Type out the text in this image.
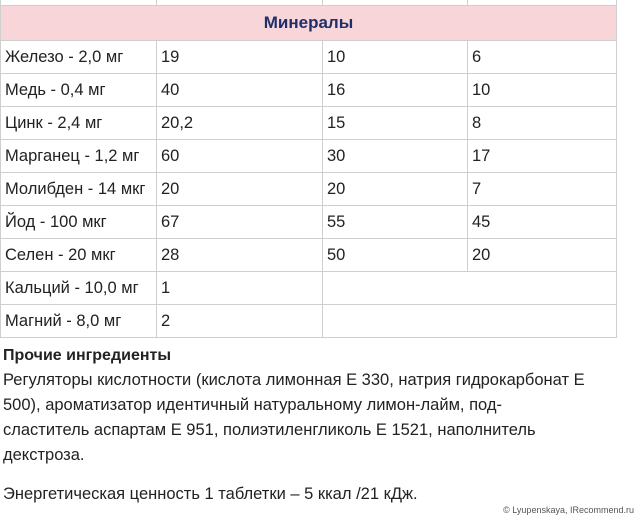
Минералы			
Железо - 2,0 мг	19	10	6
Медь - 0,4 мг	40	16	10
Цинк - 2,4 мг	20,2	15	8
Марганец - 1,2 мг	60	30	17
Молибден - 14 мкг	20	20	7
Йод - 100 мкг	67	55	45
Селен - 20 мкг	28	50	20
Кальций - 10,0 мг	1		
Магний - 8,0 мг	2		
Прочие ингредиенты
Регуляторы кислотности (кислота лимонная Е 330, натрия гидрокарбонат Е
500), ароматизатор идентичный натуральному лимон-лайм, под-
сластитель аспартам Е 951, полиэтиленгликоль Е 1521, наполнитель
декстроза.
Энергетическая ценность 1 таблетки – 5 ккал /21 кДж.
© Lyupenskaya, IRecommend.ru
